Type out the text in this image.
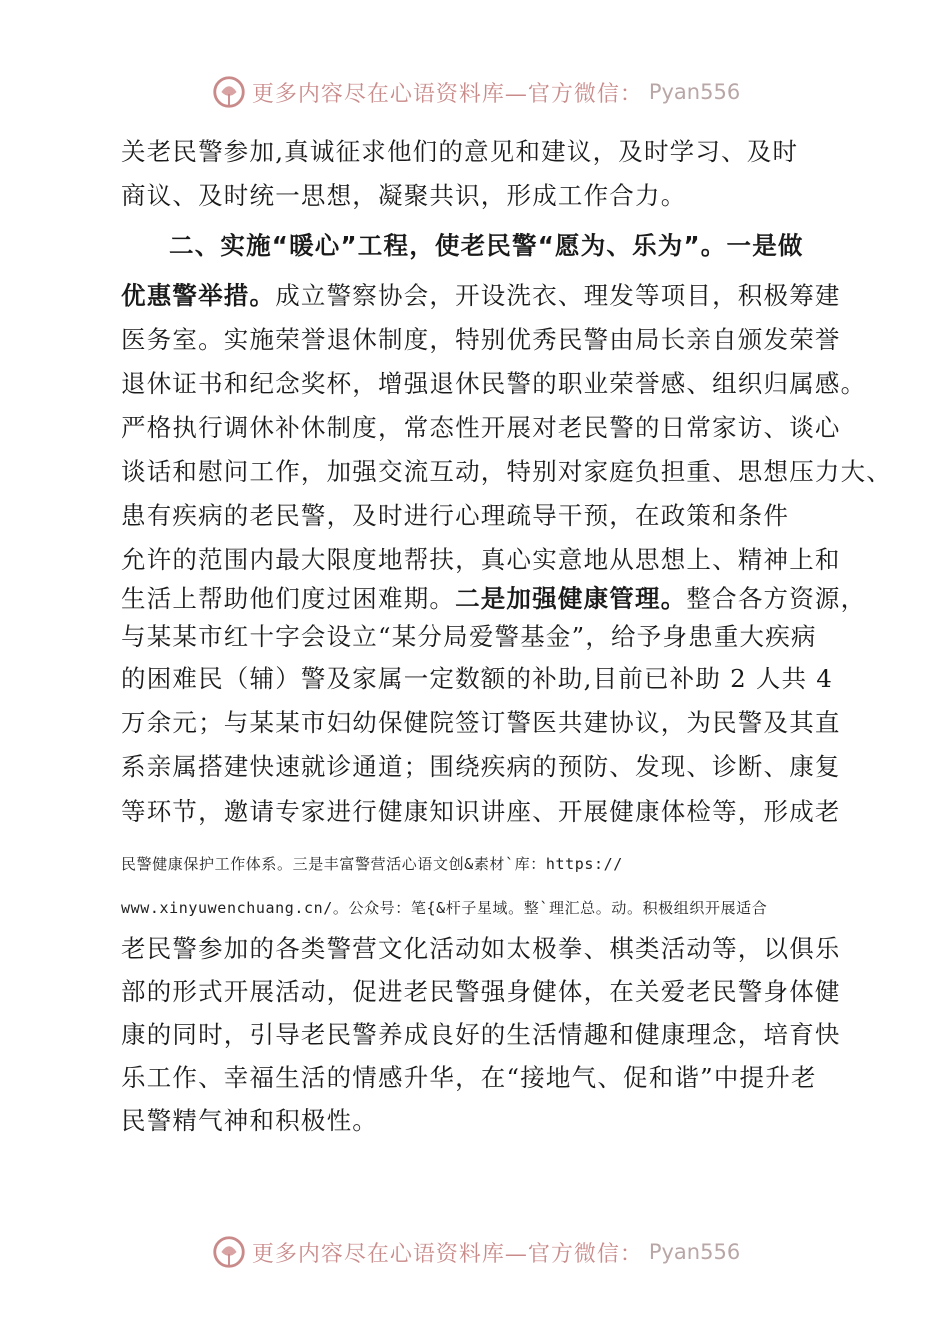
更多内容尽在心语资料库—官方微信： Pyan556
关老民警参加,真诚征求他们的意见和建议，及时学习、及时
商议、及时统一思想，凝聚共识，形成工作合力。
二、实施“暖心”工程，使老民警“愿为、乐为”。一是做
优惠警举措。成立警察协会，开设洗衣、理发等项目，积极筹建
医务室。实施荣誉退休制度，特别优秀民警由局长亲自颁发荣誉
退休证书和纪念奖杯，增强退休民警的职业荣誉感、组织归属感。
严格执行调休补休制度，常态性开展对老民警的日常家访、谈心
谈话和慰问工作，加强交流互动，特别对家庭负担重、思想压力大、
患有疾病的老民警，及时进行心理疏导干预，在政策和条件
允许的范围内最大限度地帮扶，真心实意地从思想上、精神上和
生活上帮助他们度过困难期。二是加强健康管理。整合各方资源，
与某某市红十字会设立“某分局爱警基金”，给予身患重大疾病
的困难民（辅）警及家属一定数额的补助,目前已补助 2 人共 4
万余元；与某某市妇幼保健院签订警医共建协议，为民警及其直
系亲属搭建快速就诊通道；围绕疾病的预防、发现、诊断、康复
等环节，邀请专家进行健康知识讲座、开展健康体检等，形成老
民警健康保护工作体系。三是丰富警营活心语文创&素材`库：https://
www.xinyuwenchuang.cn/。公众号：笔{&杆子星域。整`理汇总。动。积极组织开展适合
老民警参加的各类警营文化活动如太极拳、棋类活动等，以俱乐
部的形式开展活动，促进老民警强身健体，在关爱老民警身体健
康的同时，引导老民警养成良好的生活情趣和健康理念，培育快
乐工作、幸福生活的情感升华，在“接地气、促和谐”中提升老
民警精气神和积极性。
更多内容尽在心语资料库—官方微信： Pyan556
